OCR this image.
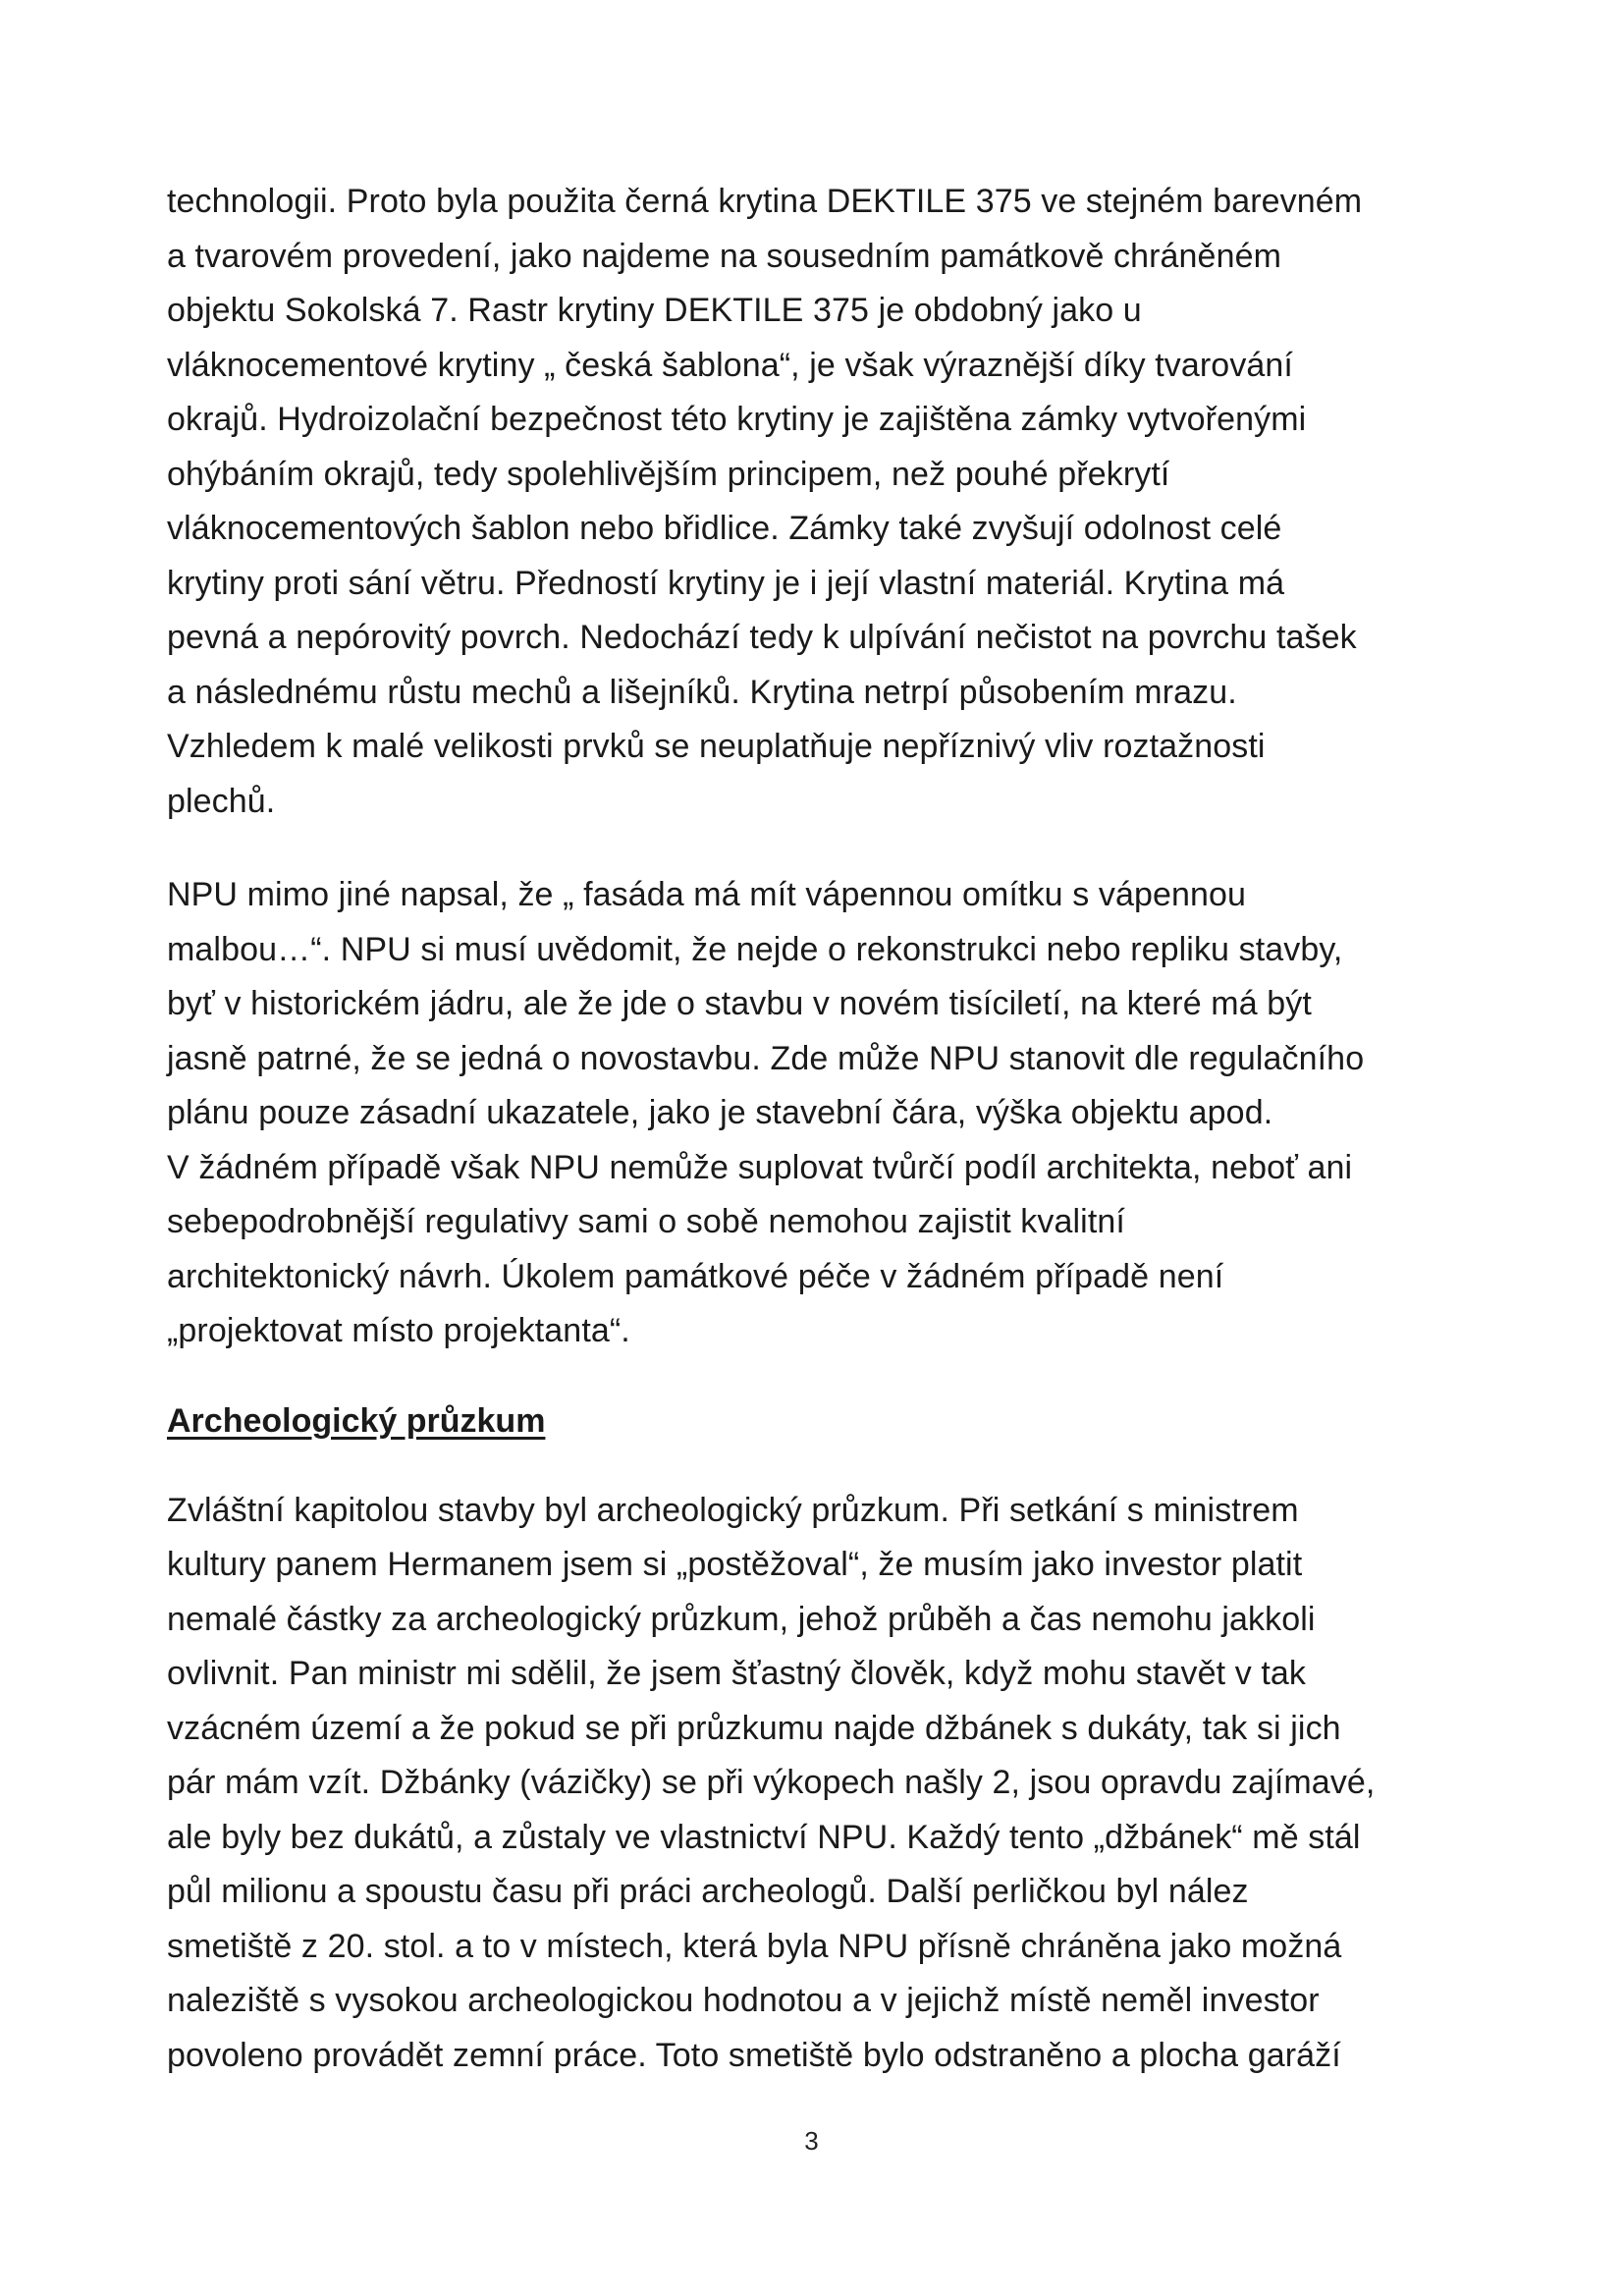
technologii. Proto byla použita černá krytina DEKTILE 375 ve stejném barevném
a tvarovém provedení, jako najdeme na sousedním památkově chráněném
objektu Sokolská 7. Rastr krytiny DEKTILE 375 je obdobný jako u
vláknocementové krytiny „ česká šablona“, je však výraznější díky tvarování
okrajů. Hydroizolační bezpečnost této krytiny je zajištěna zámky vytvořenými
ohýbáním okrajů, tedy spolehlivějším principem, než pouhé překrytí
vláknocementových šablon nebo břidlice. Zámky také zvyšují odolnost celé
krytiny proti sání větru. Předností krytiny je i její vlastní materiál. Krytina má
pevná a nepórovitý povrch. Nedochází tedy k ulpívání nečistot na povrchu tašek
a následnému růstu mechů a lišejníků. Krytina netrpí působením mrazu.
Vzhledem k malé velikosti prvků se neuplatňuje nepříznivý vliv roztažnosti
plechů.
NPU mimo jiné napsal, že „ fasáda má mít vápennou omítku s vápennou
malbou…“. NPU si musí uvědomit, že nejde o rekonstrukci nebo repliku stavby,
byť v historickém jádru, ale že jde o stavbu v novém tisíciletí, na které má být
jasně patrné, že se jedná o novostavbu. Zde může NPU stanovit dle regulačního
plánu pouze zásadní ukazatele, jako je stavební čára, výška objektu apod.
V žádném případě však NPU nemůže suplovat tvůrčí podíl architekta, neboť ani
sebepodrobnější regulativy sami o sobě nemohou zajistit kvalitní
architektonický návrh. Úkolem památkové péče v žádném případě není
„projektovat místo projektanta“.
Archeologický průzkum
Zvláštní kapitolou stavby byl archeologický průzkum. Při setkání s ministrem
kultury panem Hermanem jsem si „postěžoval“, že musím jako investor platit
nemalé částky za archeologický průzkum, jehož průběh a čas nemohu jakkoli
ovlivnit. Pan ministr mi sdělil, že jsem šťastný člověk, když mohu stavět v tak
vzácném území a že pokud se při průzkumu najde džbánek s dukáty, tak si jich
pár mám vzít. Džbánky (vázičky) se při výkopech našly 2, jsou opravdu zajímavé,
ale byly bez dukátů, a zůstaly ve vlastnictví NPU. Každý tento „džbánek“ mě stál
půl milionu a spoustu času při práci archeologů. Další perličkou byl nález
smetiště z 20. stol. a to v místech, která byla NPU přísně chráněna jako možná
naleziště s vysokou archeologickou hodnotou a v jejichž místě neměl investor
povoleno provádět zemní práce. Toto smetiště bylo odstraněno a plocha garáží
3
